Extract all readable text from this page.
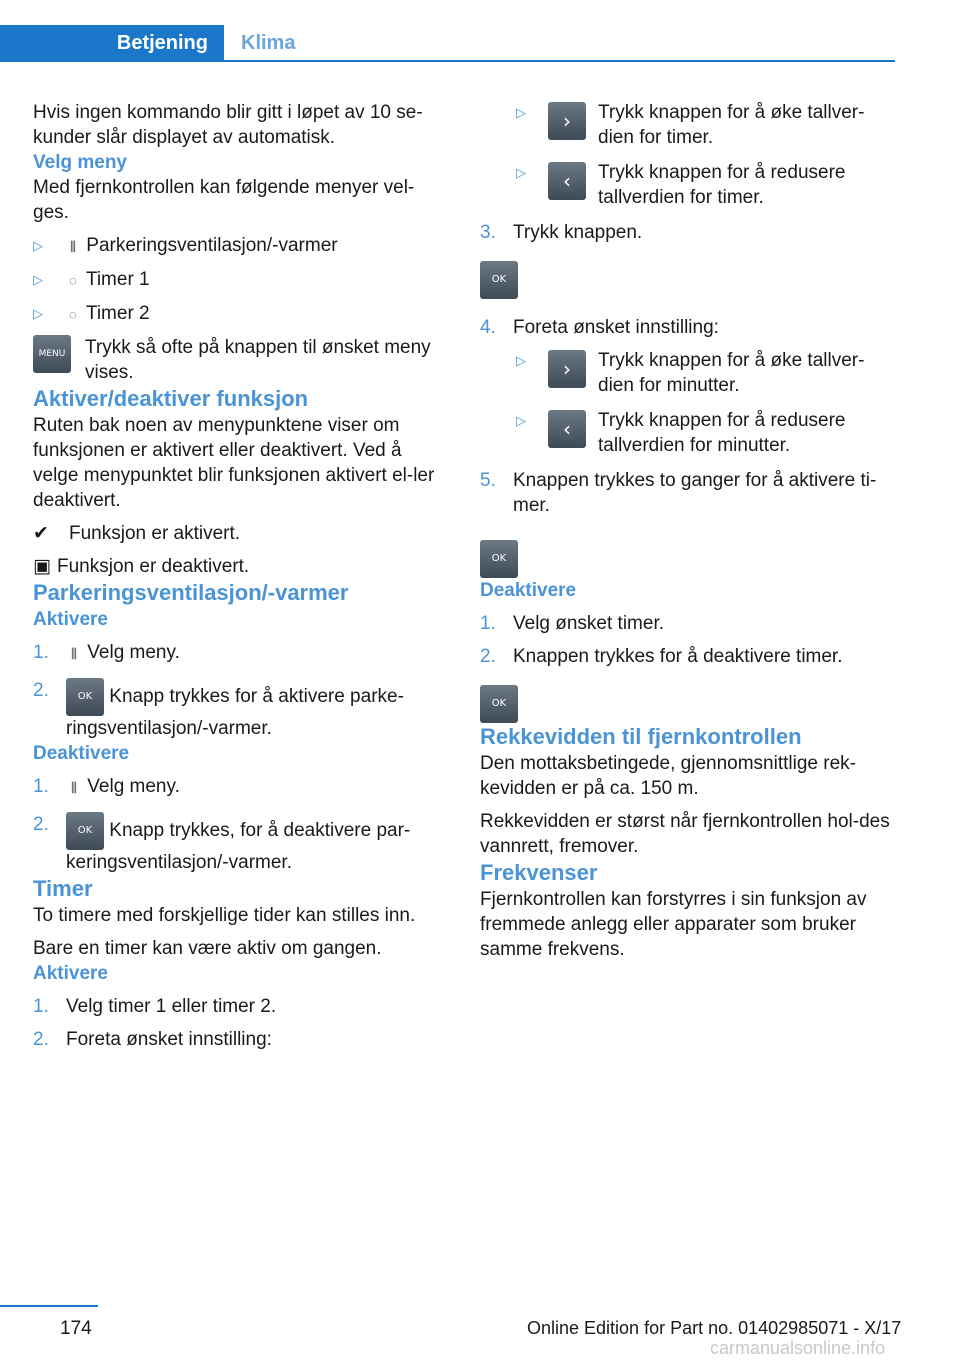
Betjening	Klima

Hvis ingen kommando blir gitt i løpet av 10 se-kunder slår displayet av automatisk.

Velg meny

Med fjernkontrollen kan følgende menyer vel-ges.

▷ ⫼ Parkeringsventilasjon/-varmer
▷ ◌ Timer 1
▷ ◌ Timer 2
MENU Trykk så ofte på knappen til ønsket meny vises.

Aktiver/deaktiver funksjon

Ruten bak noen av menypunktene viser om funksjonen er aktivert eller deaktivert. Ved å velge menypunktet blir funksjonen aktivert el-ler deaktivert.

✔ Funksjon er aktivert.

▣ Funksjon er deaktivert.

Parkeringsventilasjon/-varmer

Aktivere

1. ⫼ Velg meny.
2.	OK Knapp trykkes for å aktivere parke-ringsventilasjon/-varmer.

Deaktivere

1. ⫼ Velg meny.
2.	OK Knapp trykkes, for å deaktivere par-keringsventilasjon/-varmer.

Timer

To timere med forskjellige tider kan stilles inn.

Bare en timer kan være aktiv om gangen.

Aktivere

1. Velg timer 1 eller timer 2.
2. Foreta ønsket innstilling:
▷	›	Trykk knappen for å øke tallver-dien for timer.

▷	‹	Trykk knappen for å redusere tallverdien for timer.

3. Trykk knappen.
OK
4. Foreta ønsket innstilling:
▷	›	Trykk knappen for å øke tallver-dien for minutter.

▷	‹	Trykk knappen for å redusere tallverdien for minutter.

5. Knappen trykkes to ganger for å aktivere ti-mer.
OK

Deaktivere

1. Velg ønsket timer.
2. Knappen trykkes for å deaktivere timer.
OK

Rekkevidden til fjernkontrollen

Den mottaksbetingede, gjennomsnittlige rek-kevidden er på ca. 150 m.

Rekkevidden er størst når fjernkontrollen hol-des vannrett, fremover.

Frekvenser

Fjernkontrollen kan forstyrres i sin funksjon av fremmede anlegg eller apparater som bruker samme frekvens.

174	Online Edition for Part no. 01402985071 - X/17
carmanualsonline.info
